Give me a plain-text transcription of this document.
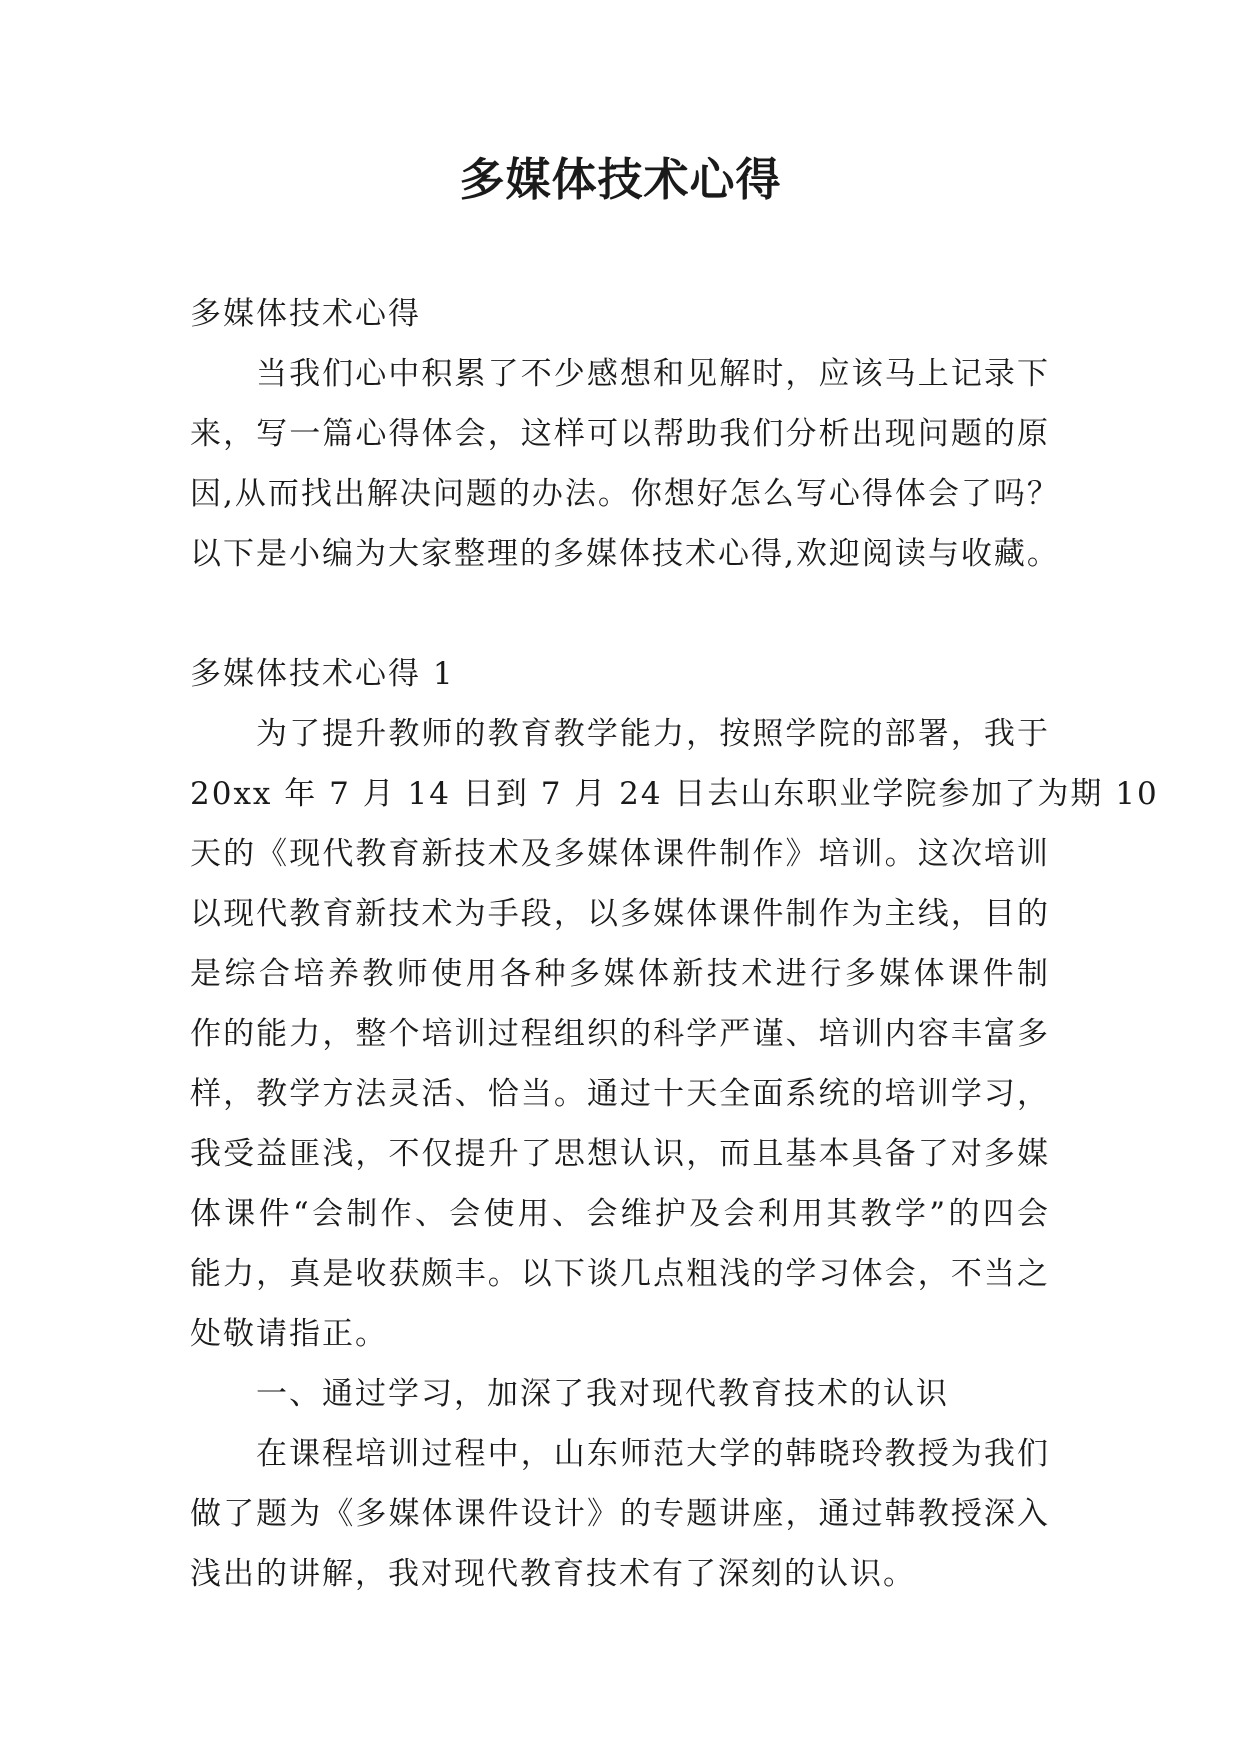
多媒体技术心得
多媒体技术心得
当我们心中积累了不少感想和见解时，应该马上记录下
来，写一篇心得体会，这样可以帮助我们分析出现问题的原
因,从而找出解决问题的办法。你想好怎么写心得体会了吗？
以下是小编为大家整理的多媒体技术心得,欢迎阅读与收藏。
多媒体技术心得 1
为了提升教师的教育教学能力，按照学院的部署，我于
20xx 年 7 月 14 日到 7 月 24 日去山东职业学院参加了为期 10
天的《现代教育新技术及多媒体课件制作》培训。这次培训
以现代教育新技术为手段，以多媒体课件制作为主线，目的
是综合培养教师使用各种多媒体新技术进行多媒体课件制
作的能力，整个培训过程组织的科学严谨、培训内容丰富多
样，教学方法灵活、恰当。通过十天全面系统的培训学习，
我受益匪浅，不仅提升了思想认识，而且基本具备了对多媒
体课件“会制作、会使用、会维护及会利用其教学”的四会
能力，真是收获颇丰。以下谈几点粗浅的学习体会，不当之
处敬请指正。
一、通过学习，加深了我对现代教育技术的认识
在课程培训过程中，山东师范大学的韩晓玲教授为我们
做了题为《多媒体课件设计》的专题讲座，通过韩教授深入
浅出的讲解，我对现代教育技术有了深刻的认识。
